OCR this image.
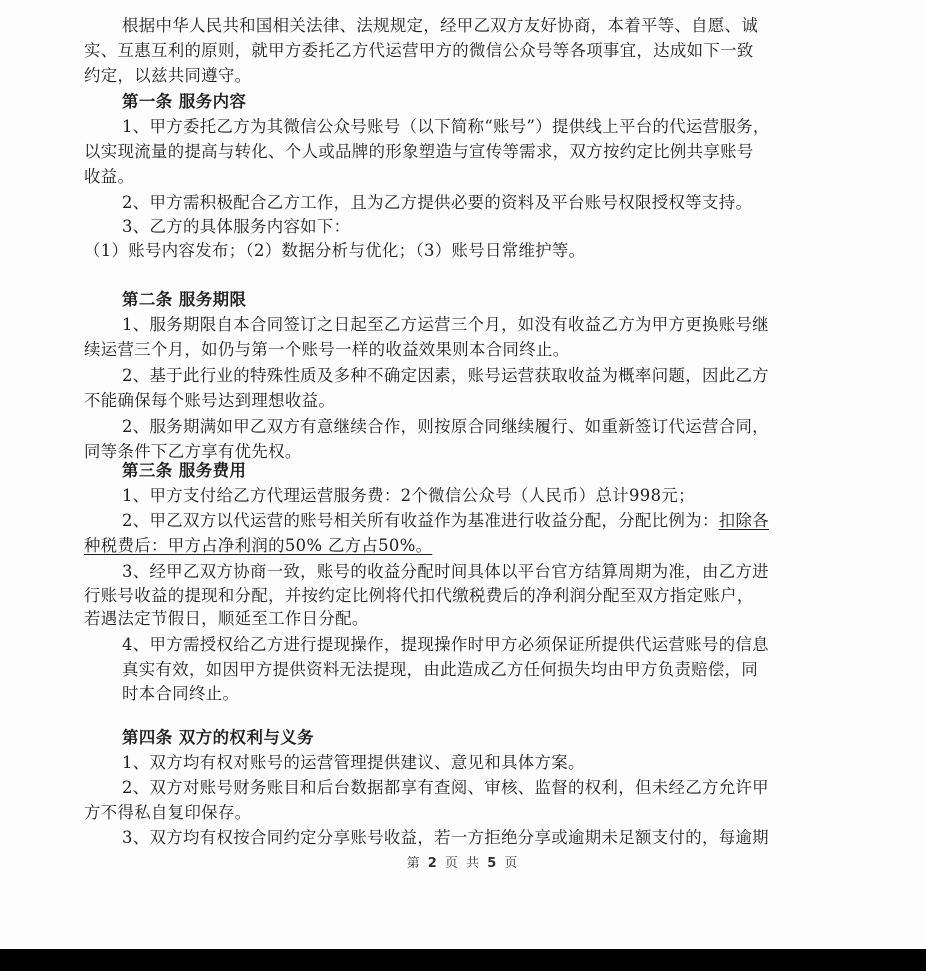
根据中华人民共和国相关法律、法规规定，经甲乙双方友好协商，本着平等、自愿、诚
实、互惠互利的原则，就甲方委托乙方代运营甲方的微信公众号等各项事宜，达成如下一致
约定，以兹共同遵守。
第一条 服务内容
1、甲方委托乙方为其微信公众号账号（以下简称“账号”）提供线上平台的代运营服务，
以实现流量的提高与转化、个人或品牌的形象塑造与宣传等需求，双方按约定比例共享账号
收益。
2、甲方需积极配合乙方工作，且为乙方提供必要的资料及平台账号权限授权等支持。
3、乙方的具体服务内容如下：
（1）账号内容发布；（2）数据分析与优化；（3）账号日常维护等。
第二条 服务期限
1、服务期限自本合同签订之日起至乙方运营三个月，如没有收益乙方为甲方更换账号继
续运营三个月，如仍与第一个账号一样的收益效果则本合同终止。
2、基于此行业的特殊性质及多种不确定因素，账号运营获取收益为概率问题，因此乙方
不能确保每个账号达到理想收益。
2、服务期满如甲乙双方有意继续合作，则按原合同继续履行、如重新签订代运营合同，
同等条件下乙方享有优先权。
第三条 服务费用
1、甲方支付给乙方代理运营服务费：2个微信公众号（人民币）总计998元；
2、甲乙双方以代运营的账号相关所有收益作为基准进行收益分配，分配比例为：扣除各
种税费后：甲方占净利润的50% 乙方占50%。
3、经甲乙双方协商一致，账号的收益分配时间具体以平台官方结算周期为准，由乙方进
行账号收益的提现和分配，并按约定比例将代扣代缴税费后的净利润分配至双方指定账户，
若遇法定节假日，顺延至工作日分配。
4、甲方需授权给乙方进行提现操作，提现操作时甲方必须保证所提供代运营账号的信息
真实有效，如因甲方提供资料无法提现，由此造成乙方任何损失均由甲方负责赔偿，同
时本合同终止。
第四条 双方的权利与义务
1、双方均有权对账号的运营管理提供建议、意见和具体方案。
2、双方对账号财务账目和后台数据都享有查阅、审核、监督的权利，但未经乙方允许甲
方不得私自复印保存。
3、双方均有权按合同约定分享账号收益，若一方拒绝分享或逾期未足额支付的，每逾期
第 2 页 共 5 页
